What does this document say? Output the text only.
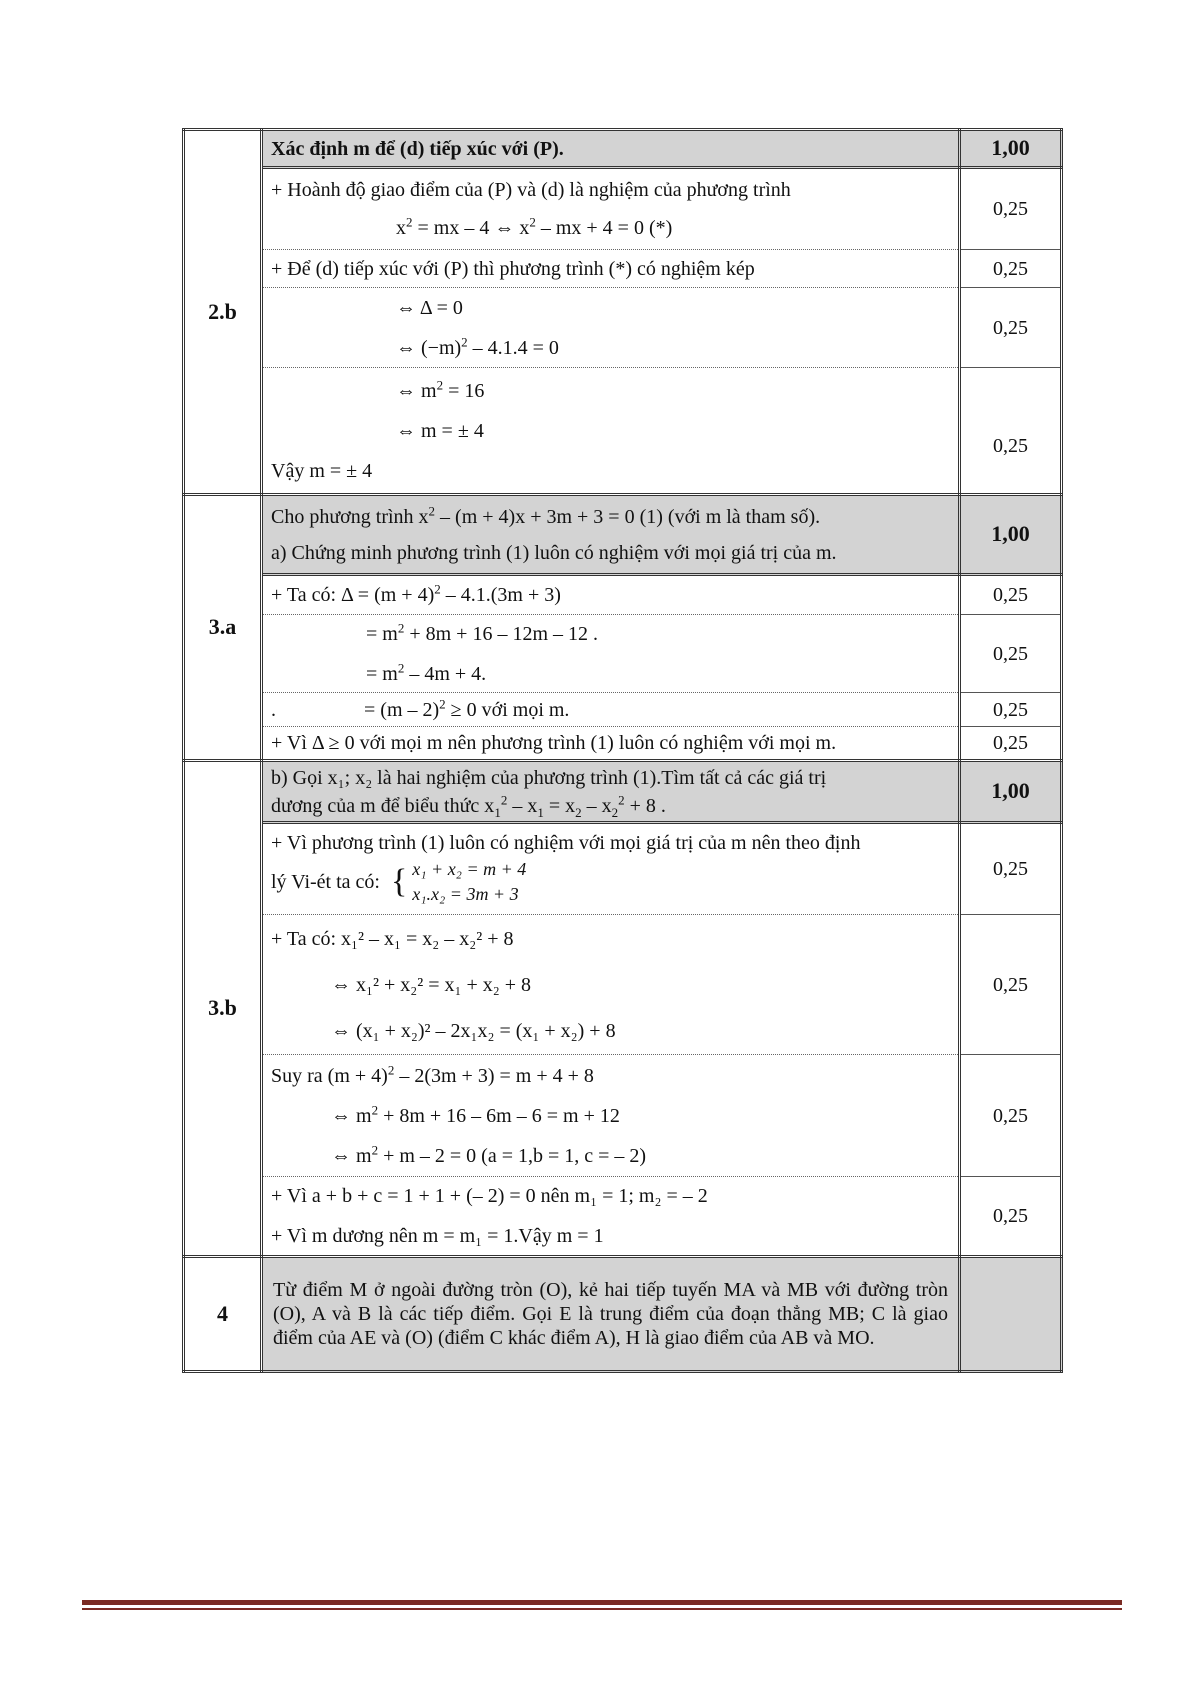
2.b	Xác định m để (d) tiếp xúc với (P).	1,00

	+ Hoành độ giao điểm của (P) và (d) là nghiệm của phương trình
$x^2$ = mx – 4 ⇔ $x^2$ – mx + 4 = 0 (*)	0,25

	+ Để (d) tiếp xúc với (P) thì phương trình (*) có nghiệm kép	0,25

	⇔ Δ = 0
⇔ $(-m)^2 - 4.1.4 = 0$	0,25

	⇔ $m^2 = 16$
⇔ m = ± 4
Vậy m = ± 4	0,25
3.a	Cho phương trình $x^2 - (m + 4)x + 3m + 3 = 0$ (1) (với m là tham số).
a) Chứng minh phương trình (1) luôn có nghiệm với mọi giá trị của m.	1,00

	+ Ta có: $\Delta = (m + 4)^2 - 4.1.(3m + 3)$	0,25

	= $m^2 + 8m + 16 - 12m - 12$ .
= $m^2 - 4m + 4$.	0,25

	. = (m – 2)$^2$ ≥ 0 với mọi m.	0,25

	+ Vì Δ ≥ 0 với mọi m nên phương trình (1) luôn có nghiệm với mọi m.	0,25
3.b	b) Gọi x₁; x₂ là hai nghiệm của phương trình (1).Tìm tất cả các giá trị
dương của m để biểu thức $x_1^2 - x_1 = x_2 - x_2^2 + 8$ .	1,00

	+ Vì phương trình (1) luôn có nghiệm với mọi giá trị của m nên theo định
lý Vi-ét ta có: { x₁ + x₂ = m + 4
x₁.x₂ = 3m + 3	0,25

	+ Ta có: x₁² – x₁ = x₂ – x₂² + 8
⇔ x₁² + x₂² = x₁ + x₂ + 8
⇔ (x₁ + x₂)² – 2x₁x₂ = (x₁ + x₂) + 8	0,25

	Suy ra $(m + 4)^2 - 2(3m + 3) = m + 4 + 8$
⇔ $m^2 + 8m + 16 - 6m - 6 = m + 12$
⇔ $m^2 + m - 2 = 0$ (a = 1,b = 1, c = – 2)	0,25

	+ Vì a + b + c = 1 + 1 + (– 2) = 0 nên m₁ = 1; m₂ = – 2
+ Vì m dương nên m = m₁ = 1.Vậy m = 1	0,25
4	Từ điểm M ở ngoài đường tròn (O), kẻ hai tiếp tuyến MA và MB với đường tròn (O), A và B là các tiếp điểm. Gọi E là trung điểm của đoạn thẳng MB; C là giao điểm của AE và (O) (điểm C khác điểm A), H là giao điểm của AB và MO.	
